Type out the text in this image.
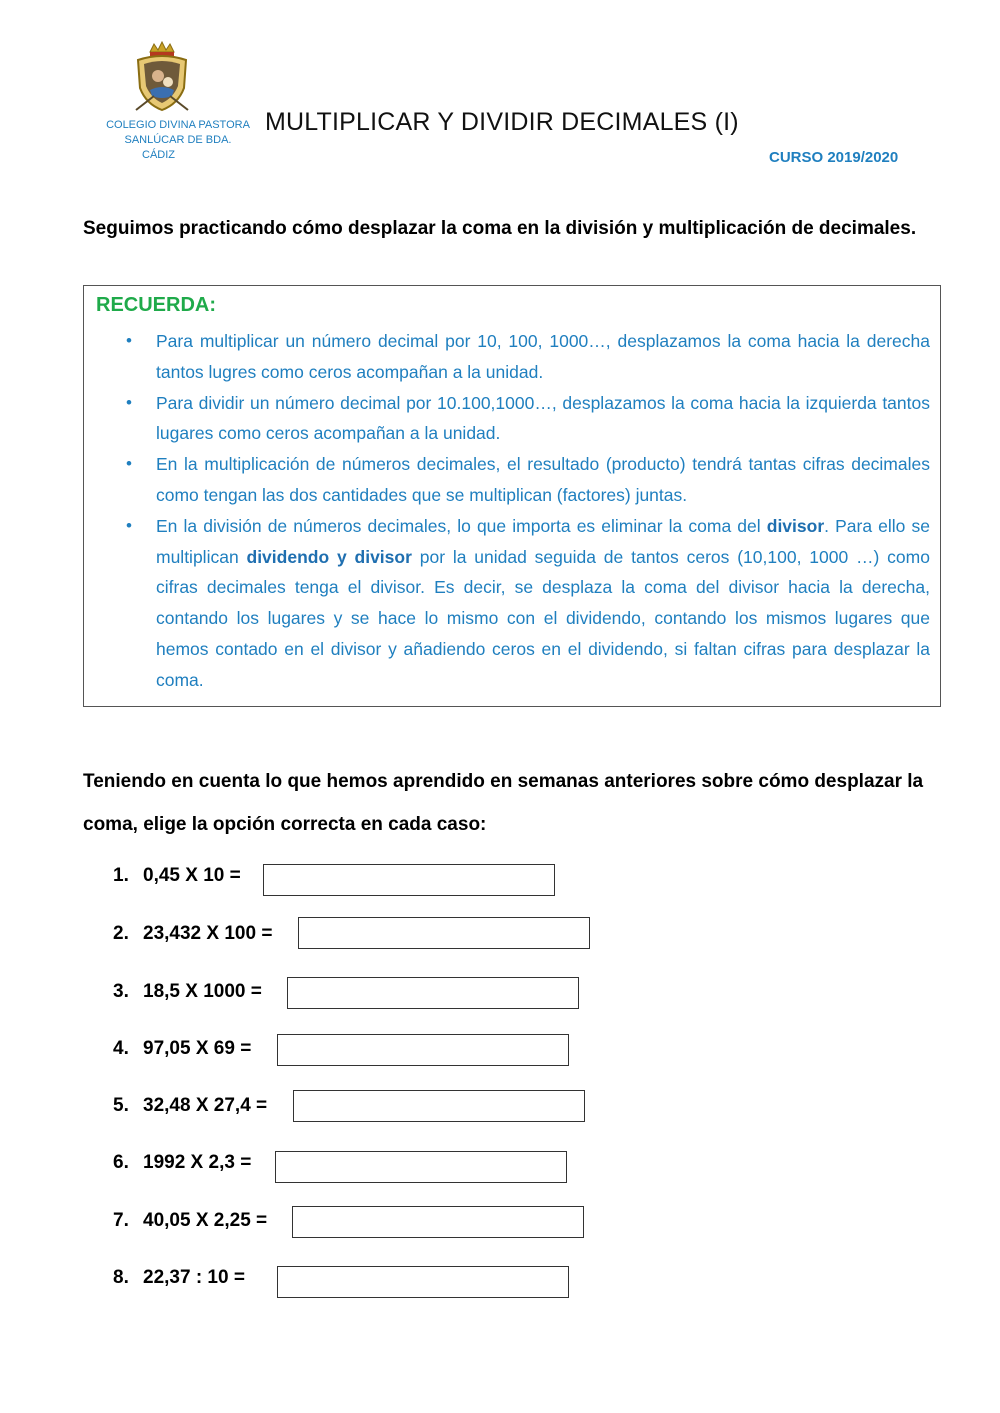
COLEGIO DIVINA PASTORA
SANLÚCAR DE BDA.

CÁDIZ
MULTIPLICAR Y DIVIDIR DECIMALES (I)
CURSO 2019/2020
Seguimos practicando cómo desplazar la coma en la división y multiplicación de decimales.
RECUERDA:
• Para multiplicar un número decimal por 10, 100, 1000…, desplazamos la coma hacia la derecha tantos lugres como ceros acompañan a la unidad.
• Para dividir un número decimal por 10.100,1000…, desplazamos la coma hacia la izquierda tantos lugares como ceros acompañan a la unidad.
• En la multiplicación de números decimales, el resultado (producto) tendrá tantas cifras decimales como tengan las dos cantidades que se multiplican (factores) juntas.
• En la división de números decimales, lo que importa es eliminar la coma del divisor. Para ello se multiplican dividendo y divisor por la unidad seguida de tantos ceros (10,100, 1000 …) como cifras decimales tenga el divisor. Es decir, se desplaza la coma del divisor hacia la derecha, contando los lugares y se hace lo mismo con el dividendo, contando los mismos lugares que hemos contado en el divisor y añadiendo ceros en el dividendo, si faltan cifras para desplazar la coma.
Teniendo en cuenta lo que hemos aprendido en semanas anteriores sobre cómo desplazar la coma, elige la opción correcta en cada caso:
1. 0,45 X 10 =
2. 23,432 X 100 =
3. 18,5 X 1000 =
4. 97,05 X 69 =
5. 32,48 X 27,4 =
6. 1992 X 2,3 =
7. 40,05 X 2,25 =
8. 22,37 : 10 =
